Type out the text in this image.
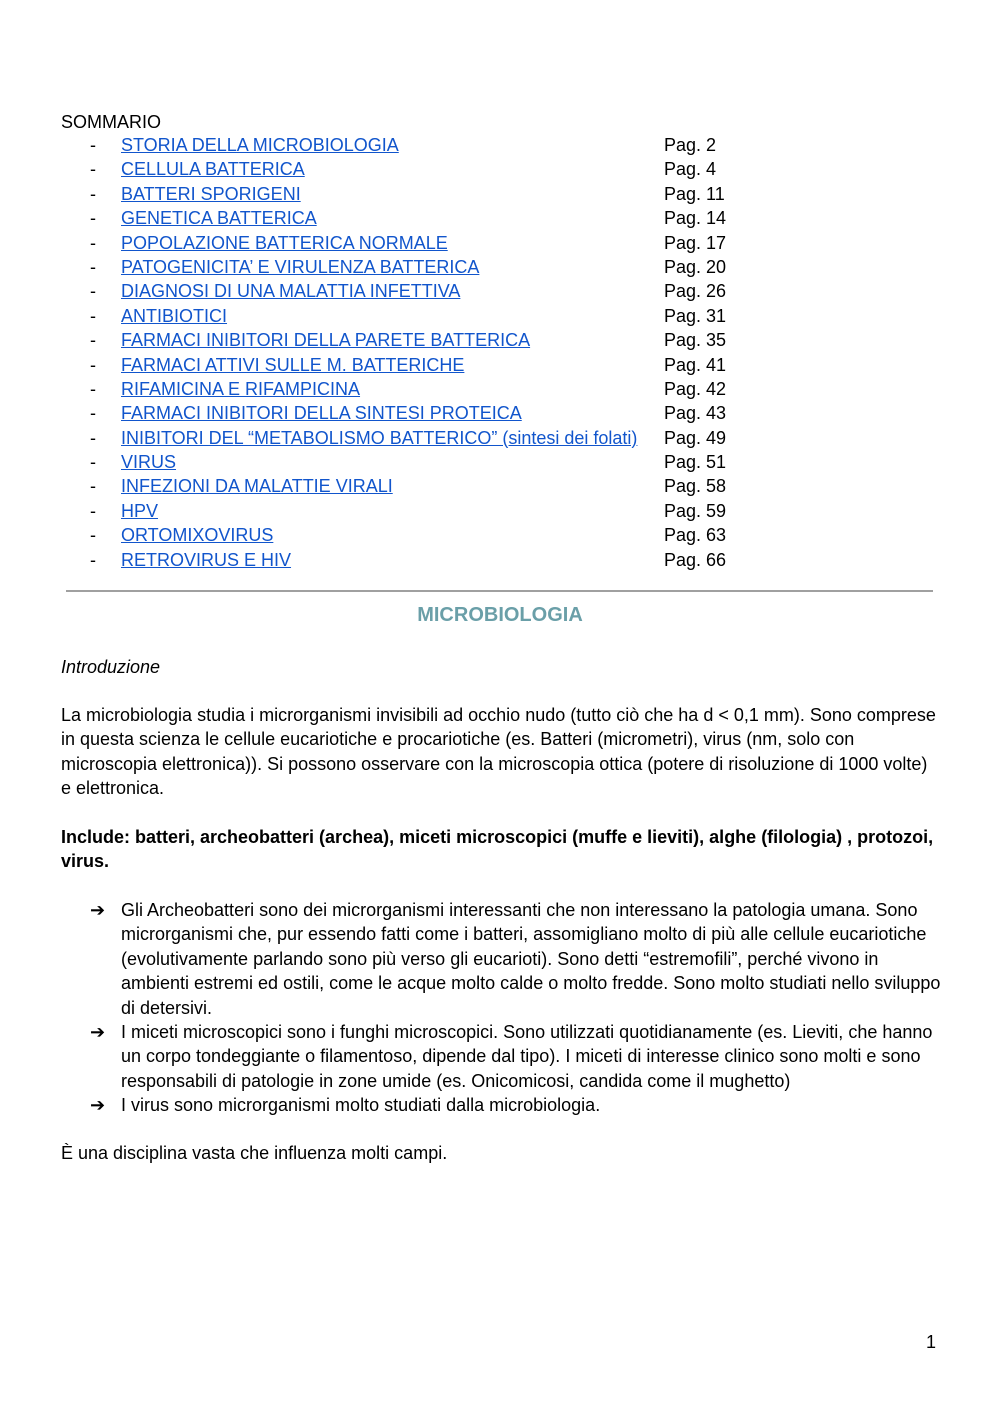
SOMMARIO
- STORIA DELLA MICROBIOLOGIA	Pag. 2
- CELLULA BATTERICA	Pag. 4
- BATTERI SPORIGENI	Pag. 11
- GENETICA BATTERICA	Pag. 14
- POPOLAZIONE BATTERICA NORMALE	Pag. 17
- PATOGENICITA’ E VIRULENZA BATTERICA	Pag. 20
- DIAGNOSI DI UNA MALATTIA INFETTIVA	Pag. 26
- ANTIBIOTICI	Pag. 31
- FARMACI INIBITORI DELLA PARETE BATTERICA	Pag. 35
- FARMACI ATTIVI SULLE M. BATTERICHE	Pag. 41
- RIFAMICINA E RIFAMPICINA	Pag. 42
- FARMACI INIBITORI DELLA SINTESI PROTEICA	Pag. 43
- INIBITORI DEL “METABOLISMO BATTERICO” (sintesi dei folati) Pag. 49
- VIRUS	Pag. 51
- INFEZIONI DA MALATTIE VIRALI	Pag. 58
- HPV	Pag. 59
- ORTOMIXOVIRUS	Pag. 63
- RETROVIRUS E HIV	Pag. 66
MICROBIOLOGIA
Introduzione

La microbiologia studia i microrganismi invisibili ad occhio nudo (tutto ciò che ha d < 0,1 mm). Sono comprese in questa scienza le cellule eucariotiche e procariotiche (es. Batteri (micrometri), virus (nm, solo con microscopia elettronica)). Si possono osservare con la microscopia ottica (potere di risoluzione di 1000 volte) e elettronica.

Include: batteri, archeobatteri (archea), miceti microscopici (muffe e lieviti), alghe (filologia) , protozoi, virus.

➔ Gli Archeobatteri sono dei microrganismi interessanti che non interessano la patologia umana. Sono microrganismi che, pur essendo fatti come i batteri, assomigliano molto di più alle cellule eucariotiche (evolutivamente parlando sono più verso gli eucarioti). Sono detti “estremofili”, perché vivono in ambienti estremi ed ostili, come le acque molto calde o molto fredde. Sono molto studiati nello sviluppo di detersivi.
➔ I miceti microscopici sono i funghi microscopici. Sono utilizzati quotidianamente (es. Lieviti, che hanno un corpo tondeggiante o filamentoso, dipende dal tipo). I miceti di interesse clinico sono molti e sono responsabili di patologie in zone umide (es. Onicomicosi, candida come il mughetto)
➔ I virus sono microrganismi molto studiati dalla microbiologia.

È una disciplina vasta che influenza molti campi.

1
